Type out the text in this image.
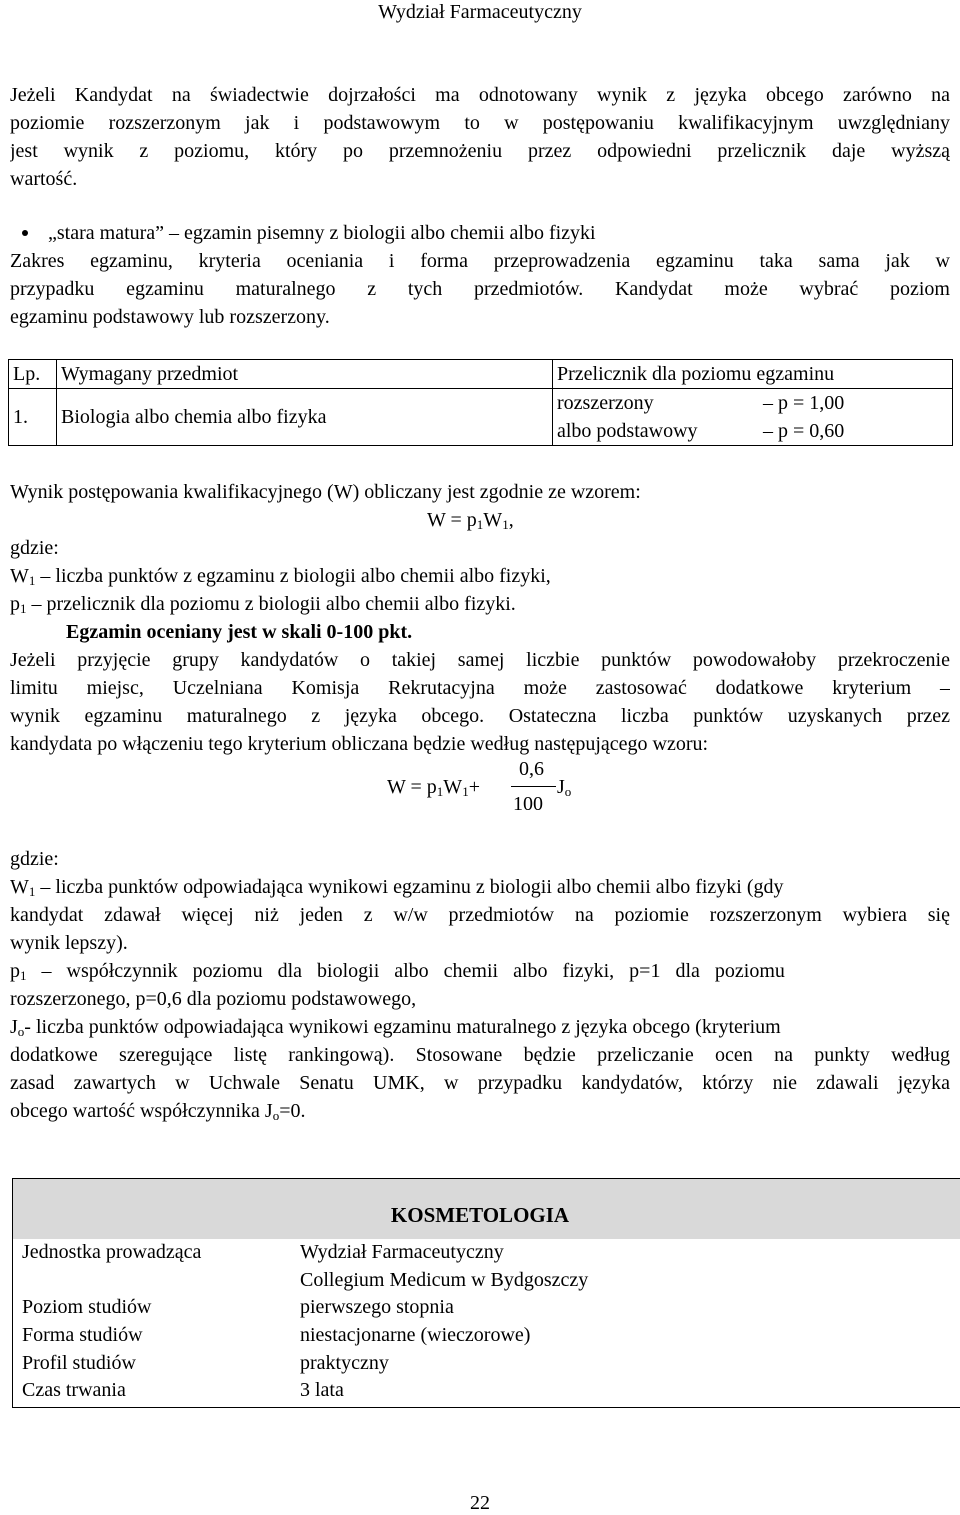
Wydział Farmaceutyczny
Jeżeli Kandydat na świadectwie dojrzałości ma odnotowany wynik z języka obcego zarówno na
poziomie rozszerzonym jak i podstawowym to w postępowaniu kwalifikacyjnym uwzględniany
jest wynik z poziomu, który po przemnożeniu przez odpowiedni przelicznik daje wyższą
wartość.
„stara matura” – egzamin pisemny z biologii albo chemii albo fizyki
Zakres egzaminu, kryteria oceniania i forma przeprowadzenia egzaminu taka sama jak w
przypadku egzaminu maturalnego z tych przedmiotów. Kandydat może wybrać poziom
egzaminu podstawowy lub rozszerzony.
Lp.	Wymagany przedmiot	Przelicznik dla poziomu egzaminu
1.	Biologia albo chemia albo fizyka	rozszerzony – p = 1,00
albo podstawowy – p = 0,60
Wynik postępowania kwalifikacyjnego (W) obliczany jest zgodnie ze wzorem:
$W = p_1W_1$,
gdzie:
$W_1$ – liczba punktów z egzaminu z biologii albo chemii albo fizyki,
$p_1$ – przelicznik dla poziomu z biologii albo chemii albo fizyki.
Egzamin oceniany jest w skali 0-100 pkt.
Jeżeli przyjęcie grupy kandydatów o takiej samej liczbie punktów powodowałoby przekroczenie
limitu miejsc, Uczelniana Komisja Rekrutacyjna może zastosować dodatkowe kryterium –
wynik egzaminu maturalnego z języka obcego. Ostateczna liczba punktów uzyskanych przez
kandydata po włączeniu tego kryterium obliczana będzie według następującego wzoru:
$W = p_1W_1+$
0,6
100
$J_o$
gdzie:
$W_1$ – liczba punktów odpowiadająca wynikowi egzaminu z biologii albo chemii albo fizyki (gdy
kandydat zdawał więcej niż jeden z w/w przedmiotów na poziomie rozszerzonym wybiera się
wynik lepszy).
$p_1$ – współczynnik poziomu dla biologii albo chemii albo fizyki, p=1 dla poziomu
rozszerzonego, p=0,6 dla poziomu podstawowego,
$J_o-$ liczba punktów odpowiadająca wynikowi egzaminu maturalnego z języka obcego (kryterium
dodatkowe szeregujące listę rankingową). Stosowane będzie przeliczanie ocen na punkty według
zasad zawartych w Uchwale Senatu UMK, w przypadku kandydatów, którzy nie zdawali języka
obcego wartość współczynnika $J_o=0$.
KOSMETOLOGIA
Jednostka prowadząca	Wydział Farmaceutyczny
Collegium Medicum w Bydgoszczy
Poziom studiów	pierwszego stopnia
Forma studiów	niestacjonarne (wieczorowe)
Profil studiów	praktyczny
Czas trwania	3 lata
22
